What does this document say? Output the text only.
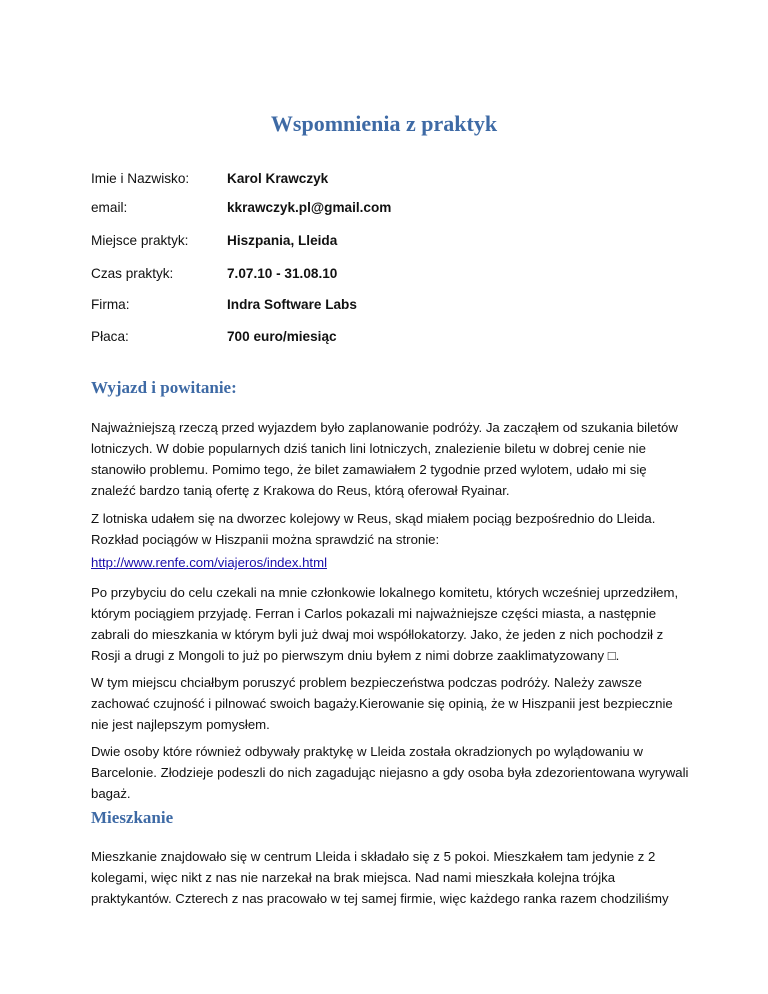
Wspomnienia z praktyk
Imie i Nazwisko:	Karol Krawczyk
email:	kkrawczyk.pl@gmail.com
Miejsce praktyk:	Hiszpania, Lleida
Czas praktyk:	7.07.10 - 31.08.10
Firma:	Indra Software Labs
Płaca:	700 euro/miesiąc
Wyjazd i powitanie:

Najważniejszą rzeczą przed wyjazdem było zaplanowanie podróży. Ja zacząłem od szukania biletów
lotniczych. W dobie popularnych dziś tanich lini lotniczych, znalezienie biletu w dobrej cenie nie
stanowiło problemu. Pomimo tego, że bilet zamawiałem 2 tygodnie przed wylotem, udało mi się
znaleźć bardzo tanią ofertę z Krakowa do Reus, którą oferował Ryainar.

Z lotniska udałem się na dworzec kolejowy w Reus, skąd miałem pociąg bezpośrednio do Lleida.
Rozkład pociągów w Hiszpanii można sprawdzić na stronie:

http://www.renfe.com/viajeros/index.html

Po przybyciu do celu czekali na mnie członkowie lokalnego komitetu, których wcześniej uprzedziłem,
którym pociągiem przyjadę. Ferran i Carlos pokazali mi najważniejsze części miasta, a następnie
zabrali do mieszkania w którym byli już dwaj moi współlokatorzy. Jako, że jeden z nich pochodził z
Rosji a drugi z Mongoli to już po pierwszym dniu byłem z nimi dobrze zaaklimatyzowany □.

W tym miejscu chciałbym poruszyć problem bezpieczeństwa podczas podróży. Należy zawsze
zachować czujność i pilnować swoich bagaży.Kierowanie się opinią, że w Hiszpanii jest bezpiecznie
nie jest najlepszym pomysłem.

Dwie osoby które również odbywały praktykę w Lleida została okradzionych po wylądowaniu w
Barcelonie. Złodzieje podeszli do nich zagadując niejasno a gdy osoba była zdezorientowana wyrywali
bagaż.

Mieszkanie

Mieszkanie znajdowało się w centrum Lleida i składało się z 5 pokoi. Mieszkałem tam jedynie z 2
kolegami, więc nikt z nas nie narzekał na brak miejsca. Nad nami mieszkała kolejna trójka
praktykantów. Czterech z nas pracowało w tej samej firmie, więc każdego ranka razem chodziliśmy
